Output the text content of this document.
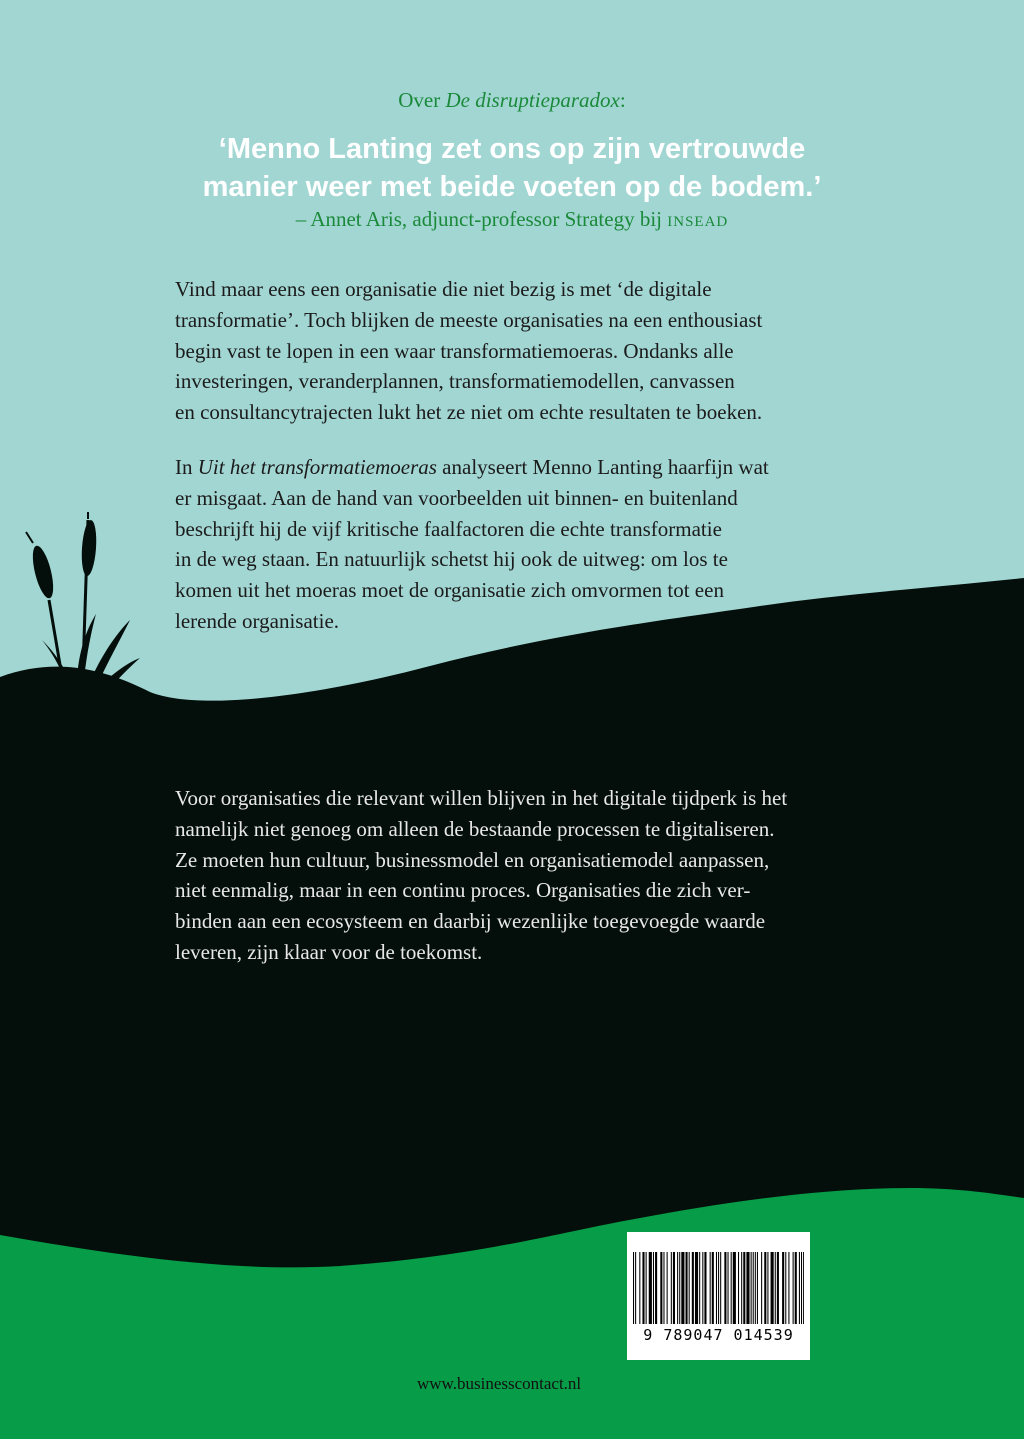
Over De disruptieparadox:

‘Menno Lanting zet ons op zijn vertrouwde
manier weer met beide voeten op de bodem.’

– Annet Aris, adjunct-professor Strategy bij INSEAD

Vind maar eens een organisatie die niet bezig is met ‘de digitale
transformatie’. Toch blijken de meeste organisaties na een enthousiast
begin vast te lopen in een waar transformatiemoeras. Ondanks alle
investeringen, veranderplannen, transformatiemodellen, canvassen
en consultancytrajecten lukt het ze niet om echte resultaten te boeken.

In Uit het transformatiemoeras analyseert Menno Lanting haarfijn wat
er misgaat. Aan de hand van voorbeelden uit binnen- en buitenland
beschrijft hij de vijf kritische faalfactoren die echte transformatie
in de weg staan. En natuurlijk schetst hij ook de uitweg: om los te
komen uit het moeras moet de organisatie zich omvormen tot een
lerende organisatie.

Voor organisaties die relevant willen blijven in het digitale tijdperk is het
namelijk niet genoeg om alleen de bestaande processen te digitaliseren.
Ze moeten hun cultuur, businessmodel en organisatiemodel aanpassen,
niet eenmalig, maar in een continu proces. Organisaties die zich ver-
binden aan een ecosysteem en daarbij wezenlijke toegevoegde waarde
leveren, zijn klaar voor de toekomst.

9 789047 014539
www.businesscontact.nl
